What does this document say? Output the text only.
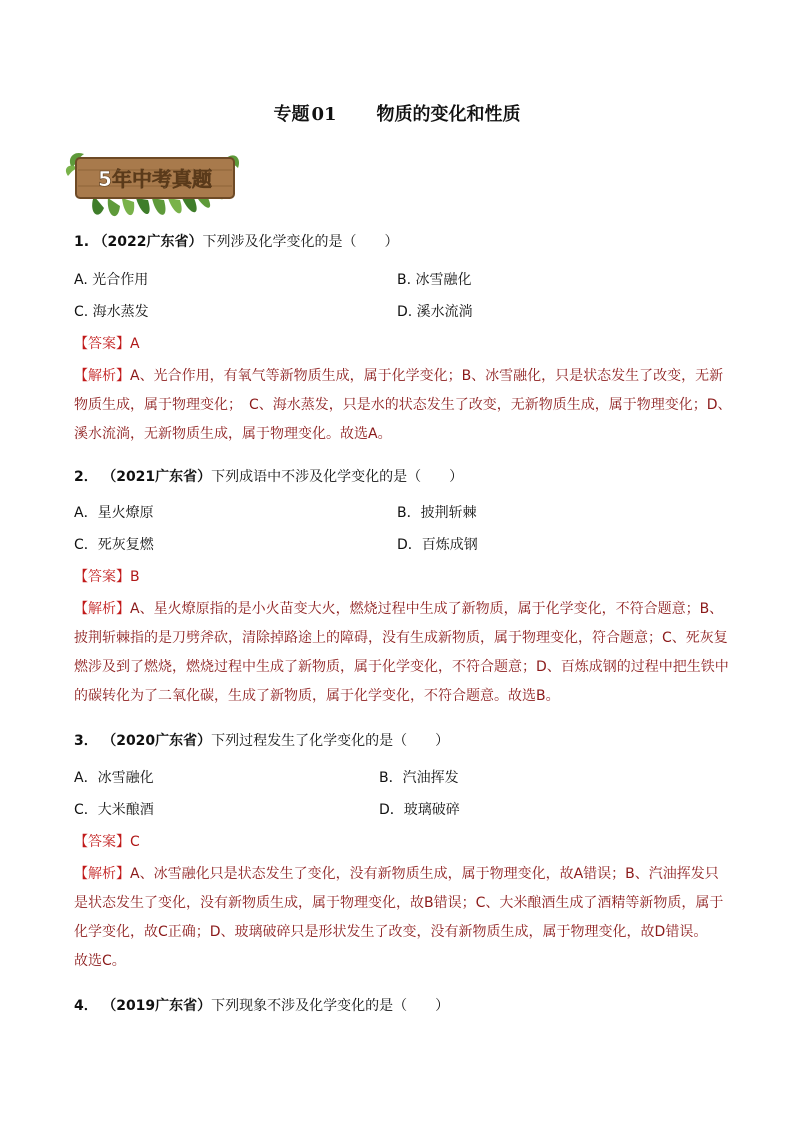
专题 01 物质的变化和性质
5年中考真题
1. （2022广东省）下列涉及化学变化的是（　　）
A. 光合作用	B. 冰雪融化
C. 海水蒸发	D. 溪水流淌
【答案】A

【解析】A、光合作用，有氧气等新物质生成，属于化学变化；B、冰雪融化，只是状态发生了改变，无新

物质生成，属于物理变化；　C、海水蒸发，只是水的状态发生了改变，无新物质生成，属于物理变化；D、

溪水流淌，无新物质生成，属于物理变化。故选A。

2． （2021广东省）下列成语中不涉及化学变化的是（　　）
A．星火燎原	B．披荆斩棘
C．死灰复燃	D．百炼成钢
【答案】B

【解析】A、星火燎原指的是小火苗变大火，燃烧过程中生成了新物质，属于化学变化，不符合题意；B、

披荆斩棘指的是刀劈斧砍，清除掉路途上的障碍，没有生成新物质，属于物理变化，符合题意；C、死灰复

燃涉及到了燃烧，燃烧过程中生成了新物质，属于化学变化，不符合题意；D、百炼成钢的过程中把生铁中

的碳转化为了二氧化碳，生成了新物质，属于化学变化，不符合题意。故选B。

3． （2020广东省）下列过程发生了化学变化的是（　　）
A．冰雪融化	B．汽油挥发
C．大米酿酒	D．玻璃破碎
【答案】C

【解析】A、冰雪融化只是状态发生了变化，没有新物质生成，属于物理变化，故A错误；B、汽油挥发只

是状态发生了变化，没有新物质生成，属于物理变化，故B错误；C、大米酿酒生成了酒精等新物质，属于

化学变化，故C正确；D、玻璃破碎只是形状发生了改变，没有新物质生成，属于物理变化，故D错误。

故选C。

4． （2019广东省）下列现象不涉及化学变化的是（　　）
